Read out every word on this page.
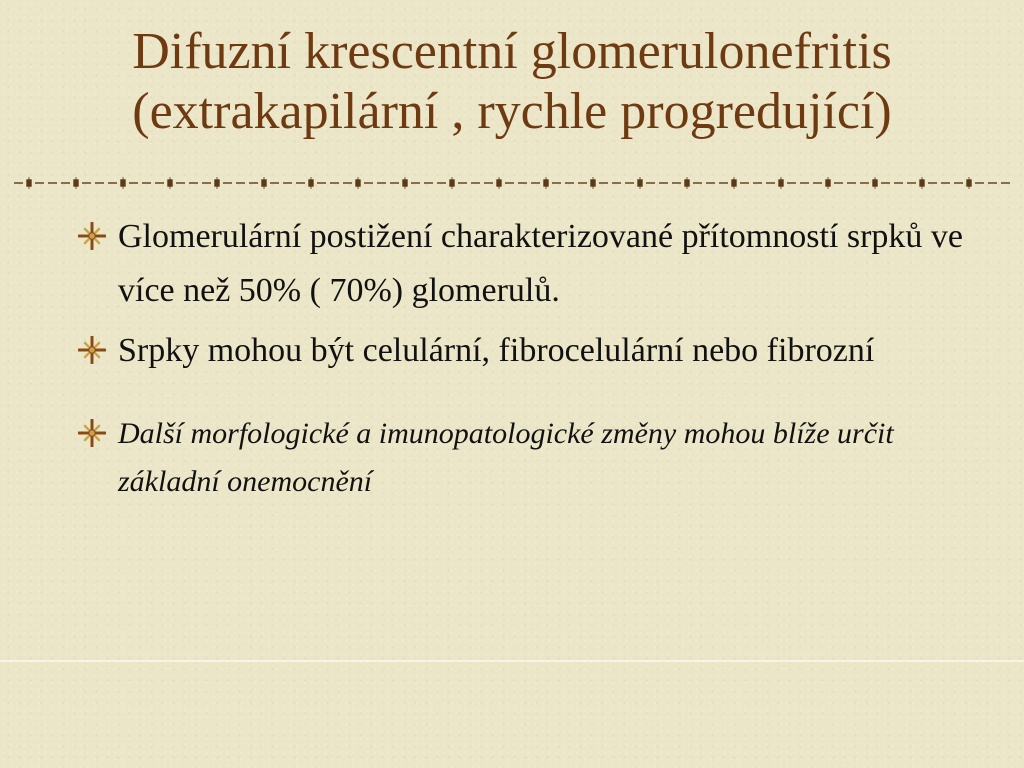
Difuzní krescentní glomerulonefritis
(extrakapilární , rychle progredující)
Glomerulární postižení charakterizované přítomností srpků ve více než 50% ( 70%) glomerulů.
Srpky mohou být celulární, fibrocelulární nebo fibrozní
Další morfologické a imunopatologické změny mohou blíže určit základní onemocnění
